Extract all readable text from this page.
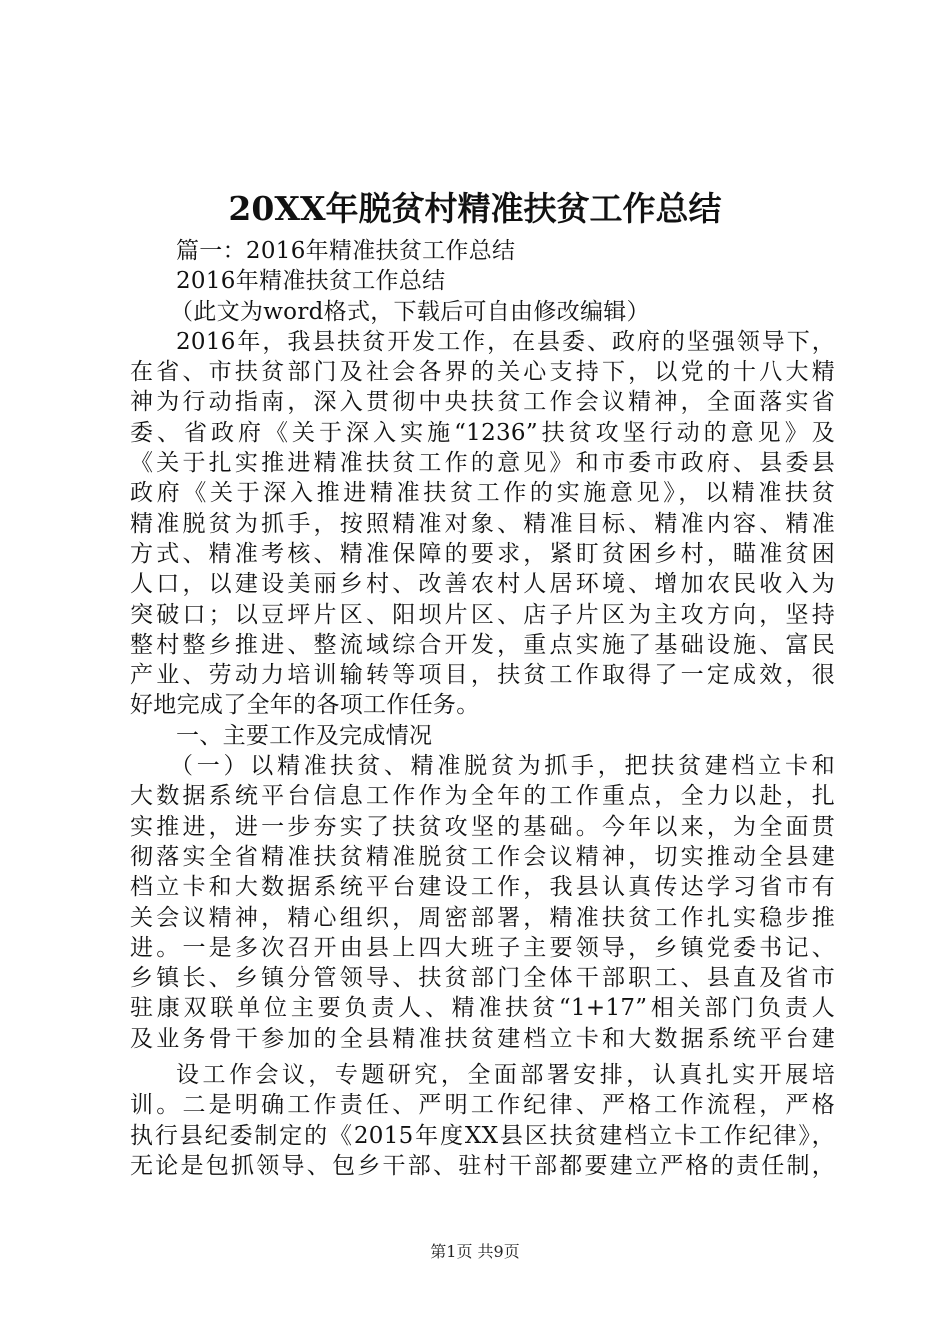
20XX年脱贫村精准扶贫工作总结
篇一：2016年精准扶贫工作总结
2016年精准扶贫工作总结
（此文为word格式，下载后可自由修改编辑）
2016年，我县扶贫开发工作，在县委、政府的坚强领导下，
在省、市扶贫部门及社会各界的关心支持下，以党的十八大精
神为行动指南，深入贯彻中央扶贫工作会议精神，全面落实省
委、省政府《关于深入实施“1236”扶贫攻坚行动的意见》及
《关于扎实推进精准扶贫工作的意见》和市委市政府、县委县
政府《关于深入推进精准扶贫工作的实施意见》，以精准扶贫
精准脱贫为抓手，按照精准对象、精准目标、精准内容、精准
方式、精准考核、精准保障的要求，紧盯贫困乡村，瞄准贫困
人口，以建设美丽乡村、改善农村人居环境、增加农民收入为
突破口；以豆坪片区、阳坝片区、店子片区为主攻方向，坚持
整村整乡推进、整流域综合开发，重点实施了基础设施、富民
产业、劳动力培训输转等项目，扶贫工作取得了一定成效，很
好地完成了全年的各项工作任务。
一、主要工作及完成情况
（一）以精准扶贫、精准脱贫为抓手，把扶贫建档立卡和
大数据系统平台信息工作作为全年的工作重点，全力以赴，扎
实推进，进一步夯实了扶贫攻坚的基础。今年以来，为全面贯
彻落实全省精准扶贫精准脱贫工作会议精神，切实推动全县建
档立卡和大数据系统平台建设工作，我县认真传达学习省市有
关会议精神，精心组织，周密部署，精准扶贫工作扎实稳步推
进。一是多次召开由县上四大班子主要领导，乡镇党委书记、
乡镇长、乡镇分管领导、扶贫部门全体干部职工、县直及省市
驻康双联单位主要负责人、精准扶贫“1+17”相关部门负责人
及业务骨干参加的全县精准扶贫建档立卡和大数据系统平台建
设工作会议，专题研究，全面部署安排，认真扎实开展培
训。二是明确工作责任、严明工作纪律、严格工作流程，严格
执行县纪委制定的《2015年度XX县区扶贫建档立卡工作纪律》，
无论是包抓领导、包乡干部、驻村干部都要建立严格的责任制，
第1页 共9页
